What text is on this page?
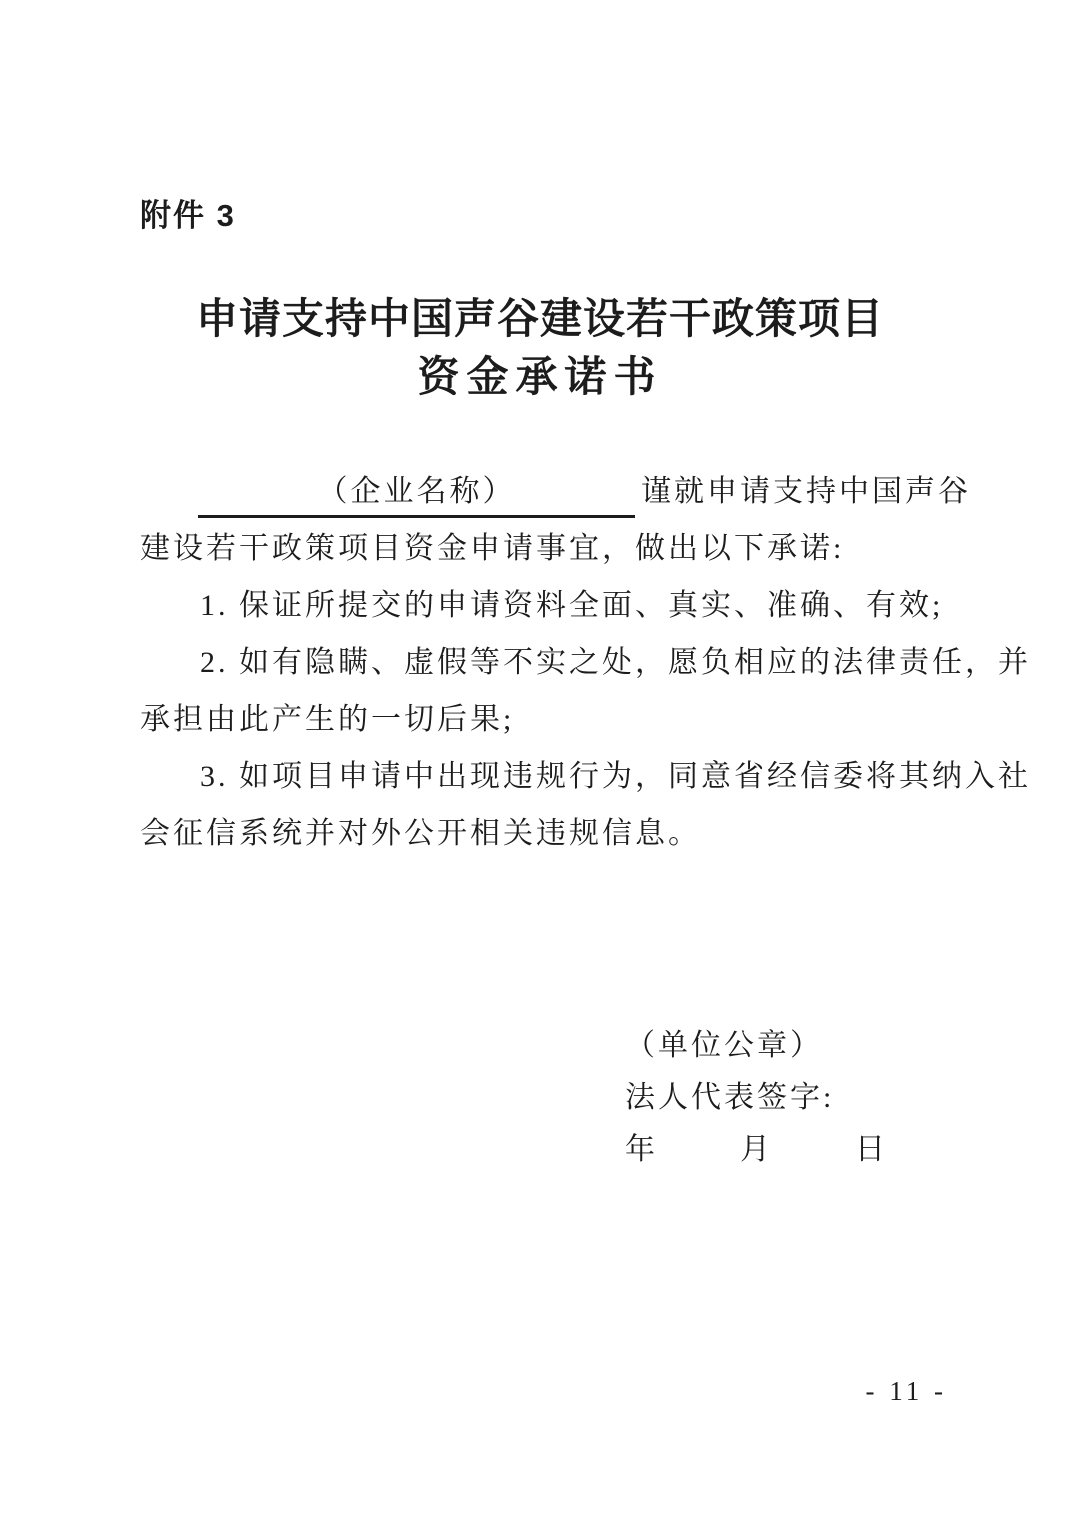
附件 3
申请支持中国声谷建设若干政策项目
资金承诺书
（企业名称）	谨就申请支持中国声谷
建设若干政策项目资金申请事宜，做出以下承诺:
1. 保证所提交的申请资料全面、真实、准确、有效;
2. 如有隐瞒、虚假等不实之处，愿负相应的法律责任，并
承担由此产生的一切后果;
3. 如项目申请中出现违规行为，同意省经信委将其纳入社
会征信系统并对外公开相关违规信息。
（单位公章）
法人代表签字:
年	月	日
- 11 -
